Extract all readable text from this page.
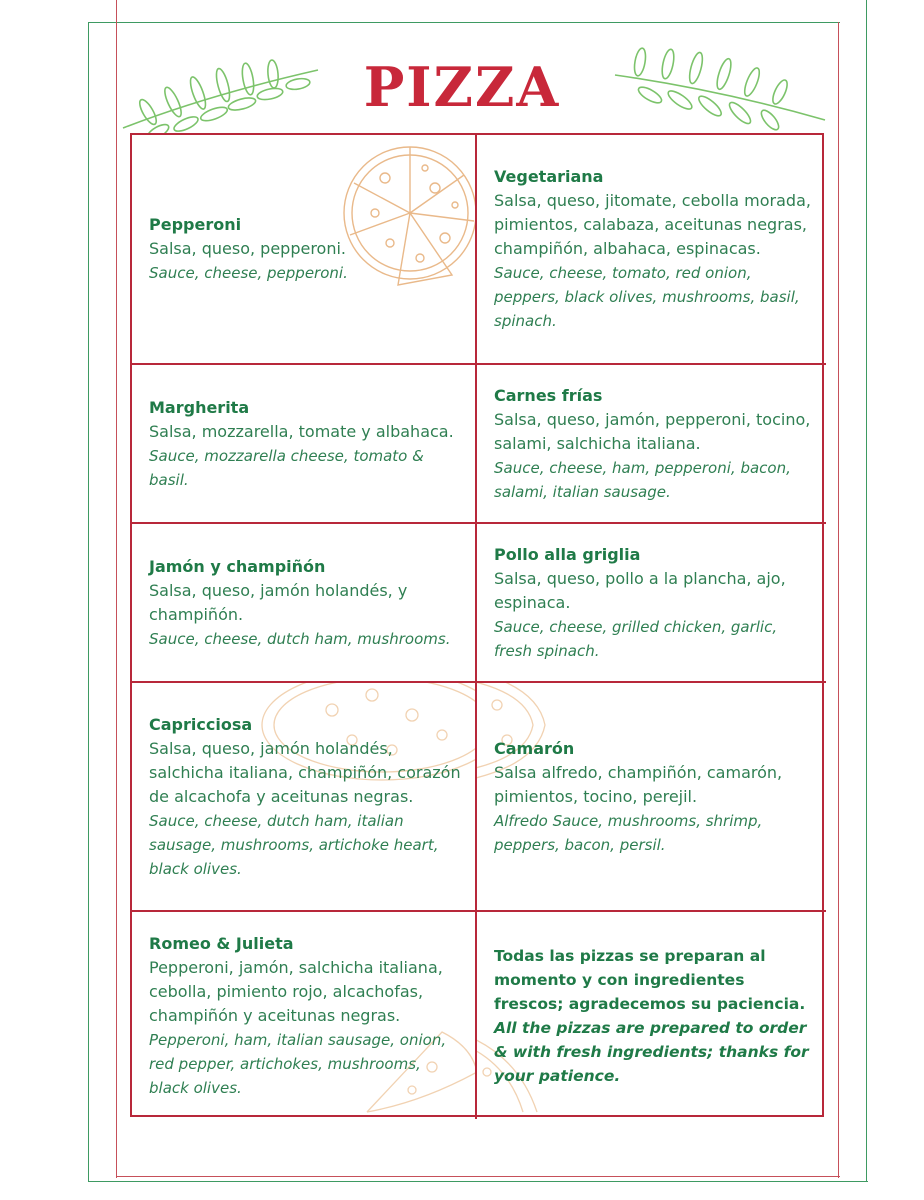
PIZZA
Pepperoni
Salsa, queso, pepperoni.
Sauce, cheese, pepperoni.
Vegetariana
Salsa, queso, jitomate, cebolla morada, pimientos, calabaza, aceitunas negras, champiñón, albahaca, espinacas.
Sauce, cheese, tomato, red onion, peppers, black olives, mushrooms, basil, spinach.
Margherita
Salsa, mozzarella, tomate y albahaca.
Sauce, mozzarella cheese, tomato & basil.
Carnes frías
Salsa, queso, jamón, pepperoni, tocino, salami, salchicha italiana.
Sauce, cheese, ham, pepperoni, bacon, salami, italian sausage.
Jamón y champiñón
Salsa, queso, jamón holandés, y champiñón.
Sauce, cheese, dutch ham, mushrooms.
Pollo alla griglia
Salsa, queso, pollo a la plancha, ajo, espinaca.
Sauce, cheese, grilled chicken, garlic, fresh spinach.
Capricciosa
Salsa, queso, jamón holandés, salchicha italiana, champiñón, corazón de alcachofa y aceitunas negras.
Sauce, cheese, dutch ham, italian sausage, mushrooms, artichoke heart, black olives.
Camarón
Salsa alfredo, champiñón, camarón, pimientos, tocino, perejil.
Alfredo Sauce, mushrooms, shrimp, peppers, bacon, persil.
Romeo & Julieta
Pepperoni, jamón, salchicha italiana, cebolla, pimiento rojo, alcachofas, champiñón y aceitunas negras.
Pepperoni, ham, italian sausage, onion, red pepper, artichokes, mushrooms, black olives.
Todas las pizzas se preparan al momento y con ingredientes frescos; agradecemos su paciencia.
All the pizzas are prepared to order & with fresh ingredients; thanks for your patience.
